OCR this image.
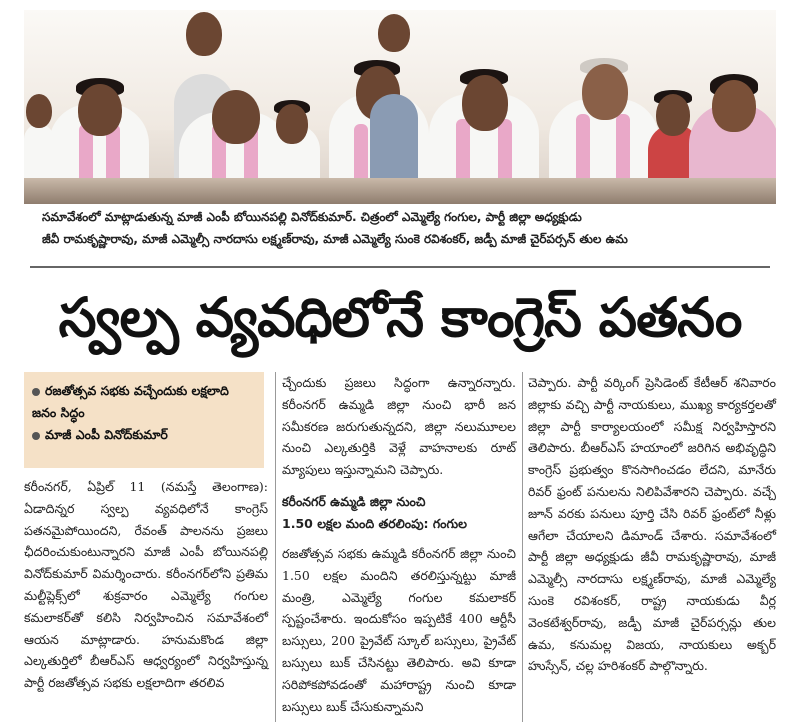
సమావేశంలో మాట్లాడుతున్న మాజీ ఎంపీ బోయినపల్లి వినోద్‌కుమార్. చిత్రంలో ఎమ్మెల్యే గంగుల, పార్టీ జిల్లా అధ్యక్షుడు
జీవీ రామకృష్ణారావు, మాజీ ఎమ్మెల్సీ నారదాసు లక్ష్మణ్‌రావు, మాజీ ఎమ్మెల్యే సుంకె రవిశంకర్, జడ్పీ మాజీ చైర్‌పర్సన్ తుల ఉమ
స్వల్ప వ్యవధిలోనే కాంగ్రెస్ పతనం
రజతోత్సవ సభకు వచ్చేందుకు లక్షలాది జనం సిద్ధం
మాజీ ఎంపీ వినోద్‌కుమార్

కరీంనగర్, ఏప్రిల్ 11 (నమస్తే తెలంగాణ): ఏడాదిన్నర స్వల్ప వ్యవధిలోనే కాంగ్రెస్ పతనమైపోయిందని, రేవంత్ పాలనను ప్రజలు ఛీదరించుకుంటున్నారని మాజీ ఎంపీ బోయినపల్లి వినోద్‌కుమార్ విమర్శించారు. కరీంనగర్‌లోని ప్రతిమ మల్టీప్లెక్స్‌లో శుక్రవారం ఎమ్మెల్యే గంగుల కమలాకర్‌తో కలిసి నిర్వహించిన సమావేశంలో ఆయన మాట్లాడారు. హనుమకొండ జిల్లా ఎల్కతుర్తిలో బీఆర్‌ఎస్ ఆధ్వర్యంలో నిర్వహిస్తున్న పార్టీ రజతోత్సవ సభకు లక్షలాదిగా తరలివ

చ్చేందుకు ప్రజలు సిద్ధంగా ఉన్నారన్నారు. కరీంనగర్ ఉమ్మడి జిల్లా నుంచి భారీ జన సమీకరణ జరుగుతున్నదని, జిల్లా నలుమూలల నుంచి ఎల్కతుర్తికి వెళ్లే వాహనాలకు రూట్ మ్యాపులు ఇస్తున్నామని చెప్పారు.

కరీంనగర్ ఉమ్మడి జిల్లా నుంచి
1.50 లక్షల మంది తరలింపు: గంగుల

రజతోత్సవ సభకు ఉమ్మడి కరీంనగర్ జిల్లా నుంచి 1.50 లక్షల మందిని తరలిస్తున్నట్టు మాజీ మంత్రి, ఎమ్మెల్యే గంగుల కమలాకర్ స్పష్టంచేశారు. ఇందుకోసం ఇప్పటికే 400 ఆర్టీసీ బస్సులు, 200 ప్రైవేట్ స్కూల్ బస్సులు, ప్రైవేట్ బస్సులు బుక్ చేసినట్టు తెలిపారు. అవి కూడా సరిపోకపోవడంతో మహారాష్ట్ర నుంచి కూడా బస్సులు బుక్ చేసుకున్నామని

చెప్పారు. పార్టీ వర్కింగ్ ప్రెసిడెంట్ కేటీఆర్ శనివారం జిల్లాకు వచ్చి పార్టీ నాయకులు, ముఖ్య కార్యకర్తలతో జిల్లా పార్టీ కార్యాలయంలో సమీక్ష నిర్వహిస్తారని తెలిపారు. బీఆర్‌ఎస్ హయాంలో జరిగిన అభివృద్ధిని కాంగ్రెస్ ప్రభుత్వం కొనసాగించడం లేదని, మానేరు రివర్ ఫ్రంట్ పనులను నిలిపివేశారని చెప్పారు. వచ్చే జూన్ వరకు పనులు పూర్తి చేసి రివర్ ఫ్రంట్‌లో నీళ్లు ఆగేలా చేయాలని డిమాండ్ చేశారు. సమావేశంలో పార్టీ జిల్లా అధ్యక్షుడు జీవీ రామకృష్ణారావు, మాజీ ఎమ్మెల్సీ నారదాసు లక్ష్మణ్‌రావు, మాజీ ఎమ్మెల్యే సుంకె రవిశంకర్, రాష్ట్ర నాయకుడు వీర్ల వెంకటేశ్వర్‌రావు, జడ్పీ మాజీ చైర్‌పర్సన్లు తుల ఉమ, కనుమల్ల విజయ, నాయకులు అక్బర్ హుస్సేన్, చల్ల హరిశంకర్ పాల్గొన్నారు.
